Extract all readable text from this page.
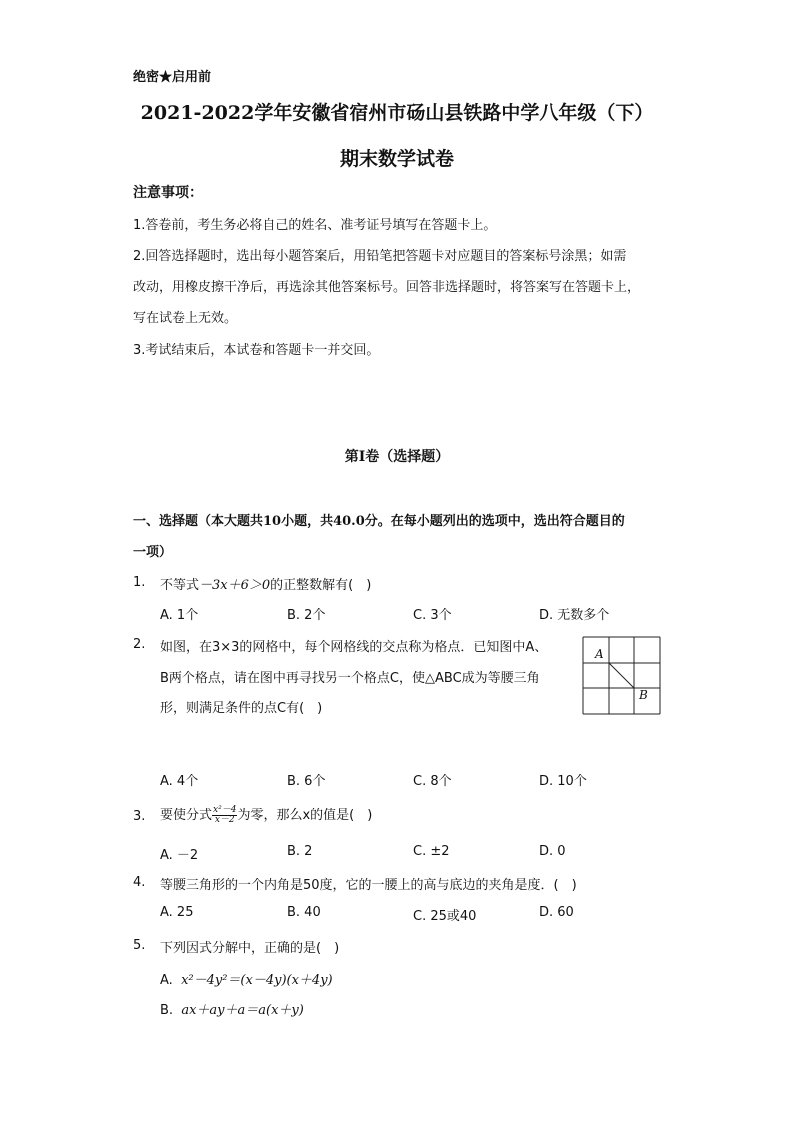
绝密★启用前
2021-2022学年安徽省宿州市砀山县铁路中学八年级（下）
期末数学试卷
注意事项：
1.答卷前，考生务必将自己的姓名、准考证号填写在答题卡上。
2.回答选择题时，选出每小题答案后，用铅笔把答题卡对应题目的答案标号涂黑；如需
改动，用橡皮擦干净后，再选涂其他答案标号。回答非选择题时，将答案写在答题卡上，
写在试卷上无效。
3.考试结束后，本试卷和答题卡一并交回。
第Ⅰ卷（选择题）
一、选择题（本大题共10小题，共40.0分。在每小题列出的选项中，选出符合题目的
一项）
1. 不等式－3x＋6＞0的正整数解有(　)
A. 1个	B. 2个	C. 3个	D. 无数多个
2. 如图，在3×3的网格中，每个网格线的交点称为格点．已知图中A、
B两个格点，请在图中再寻找另一个格点C，使△ABC成为等腰三角
形，则满足条件的点C有(　)
A
B
A. 4个	B. 6个	C. 8个	D. 10个
3. 要使分式 $\frac{\text{x²－4}}{x-2}$ 为零，那么x的值是(　)
A. －2	B. 2	C. ±2	D. 0
4. 等腰三角形的一个内角是50度，它的一腰上的高与底边的夹角是度．(　)
A. 25	B. 40	C. 25或40	D. 60
5. 下列因式分解中，正确的是(　)
A. x²－4y²＝(x－4y)(x＋4y)
B. ax＋ay＋a＝a(x＋y)
